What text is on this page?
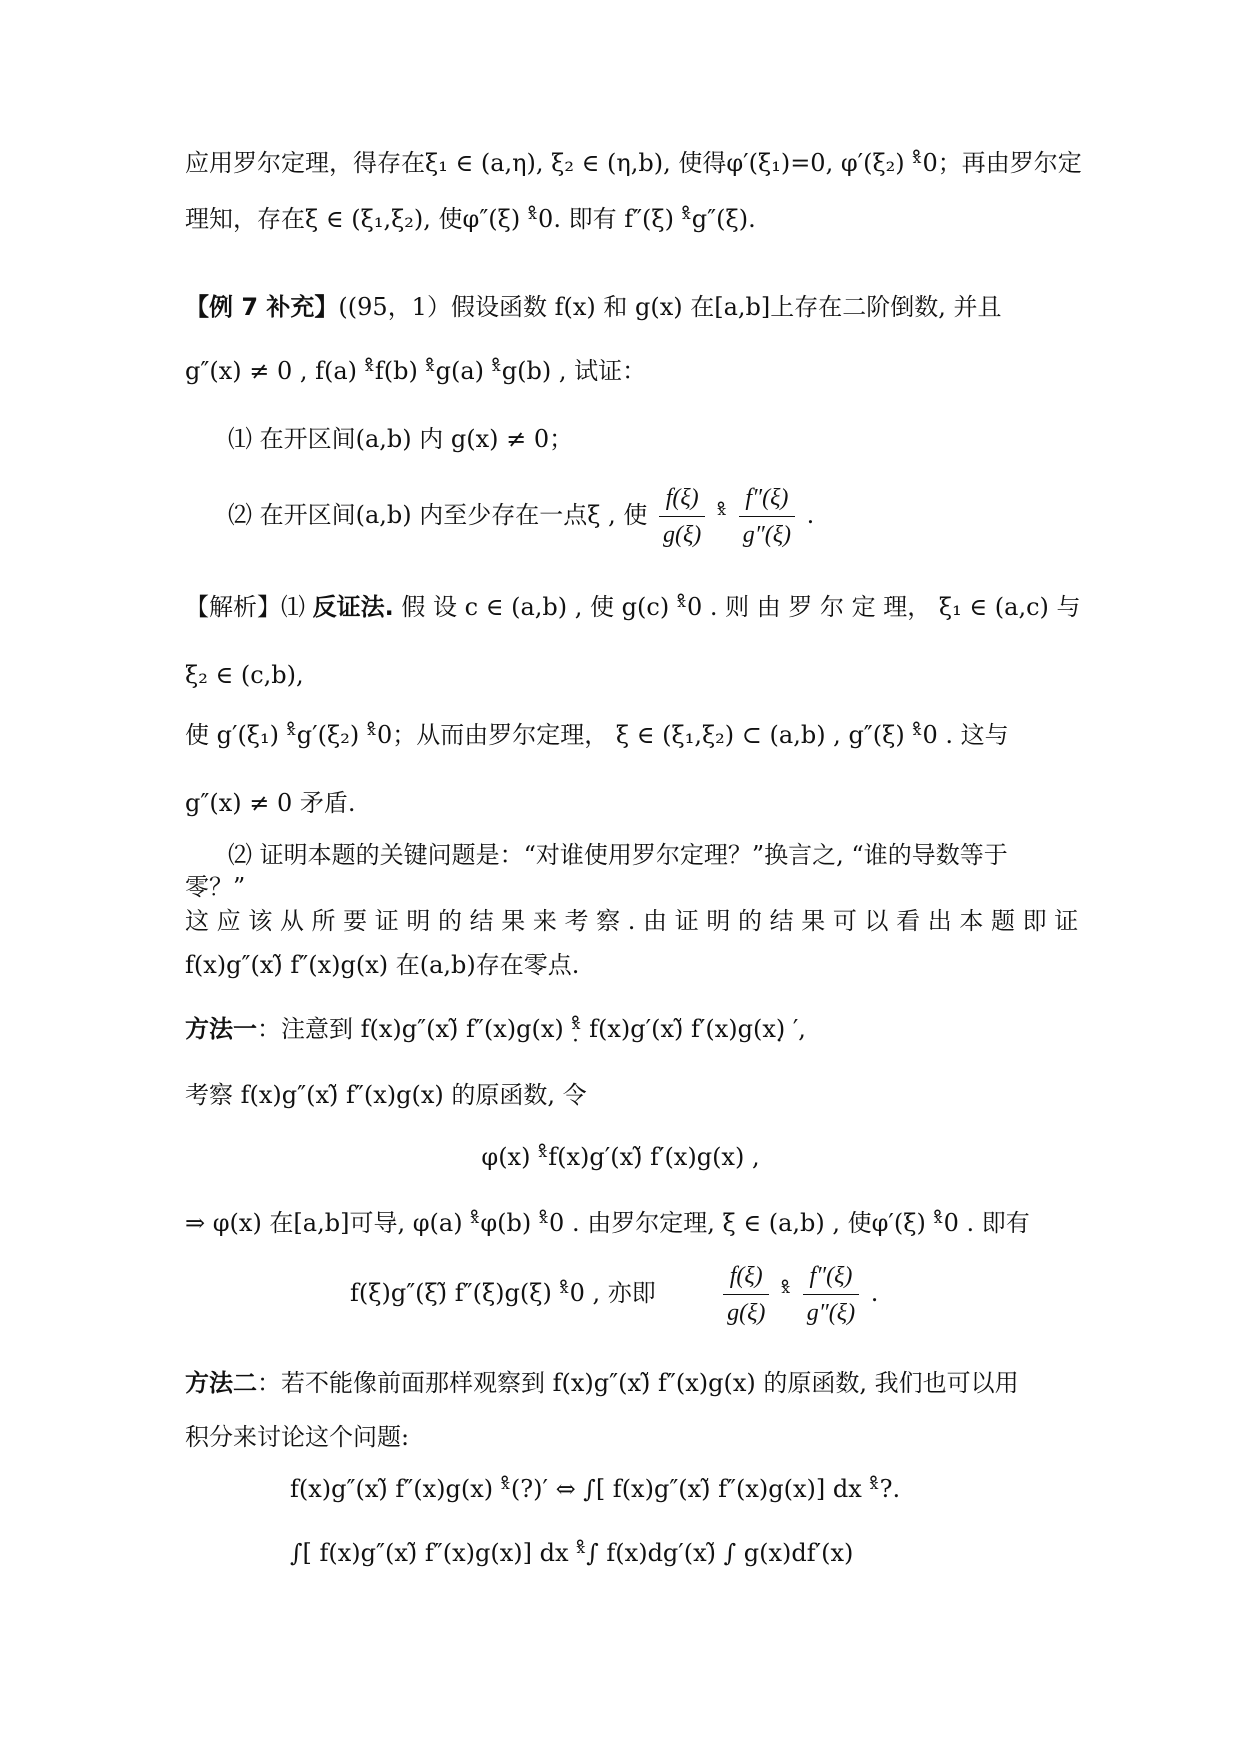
应用罗尔定理，得存在ξ₁ ∈ (a,η), ξ₂ ∈ (η,b), 使得φ′(ξ₁)=0, φ′(ξ₂) ˣ̊0；再由罗尔定
理知，存在ξ ∈ (ξ₁,ξ₂), 使φ″(ξ) ˣ̊0. 即有 f″(ξ) ˣ̊g″(ξ).
【例 7 补充】((95，1）假设函数 f(x) 和 g(x) 在[a,b]上存在二阶倒数, 并且
g″(x) ≠ 0 , f(a) ˣ̊f(b) ˣ̊g(a) ˣ̊g(b) , 试证：
⑴ 在开区间(a,b) 内 g(x) ≠ 0；
⑵ 在开区间(a,b) 内至少存在一点ξ , 使 $\frac{f(\xi)}{g(\xi)}$ ˣ̊ $\frac{f''(\xi)}{g''(\xi)}$ .
【解析】⑴ 反证法. 假 设 c ∈ (a,b) , 使 g(c) ˣ̊0 . 则 由 罗 尔 定 理， ξ₁ ∈ (a,c) 与
ξ₂ ∈ (c,b),
使 g′(ξ₁) ˣ̊g′(ξ₂) ˣ̊0；从而由罗尔定理， ξ ∈ (ξ₁,ξ₂) ⊂ (a,b) , g″(ξ) ˣ̊0 . 这与
g″(x) ≠ 0 矛盾.
⑵ 证明本题的关键问题是：“对谁使用罗尔定理？”换言之, “谁的导数等于
零？”
这 应 该 从 所 要 证 明 的 结 果 来 考 察 . 由 证 明 的 结 果 可 以 看 出 本 题 即 证
f(x)g″(x)̃ f″(x)g(x) 在(a,b)存在零点.
方法一：注意到 f(x)g″(x)̃ f″(x)g(x) ˣ̣̊ f(x)g′(x)̃ f′(x)g(x)̣ ′,
考察 f(x)g″(x)̃ f″(x)g(x) 的原函数, 令
φ(x) ˣ̊f(x)g′(x)̃ f′(x)g(x) ,
⇒ φ(x) 在[a,b]可导, φ(a) ˣ̊φ(b) ˣ̊0 . 由罗尔定理, ξ ∈ (a,b) , 使φ′(ξ) ˣ̊0 . 即有
f(ξ)g″(ξ)̃ f″(ξ)g(ξ) ˣ̊0 , 亦即	$\frac{f(\xi)}{g(\xi)}$ ˣ̊ $\frac{f''(\xi)}{g''(\xi)}$ .
方法二：若不能像前面那样观察到 f(x)g″(x)̃ f″(x)g(x) 的原函数, 我们也可以用
积分来讨论这个问题:
f(x)g″(x)̃ f″(x)g(x) ˣ̊(?)′ ⇔ ∫[ f(x)g″(x)̃ f″(x)g(x)] dx ˣ̊?.
∫[ f(x)g″(x)̃ f″(x)g(x)] dx ˣ̊∫ f(x)dg′(x)̃ ∫ g(x)df′(x)
